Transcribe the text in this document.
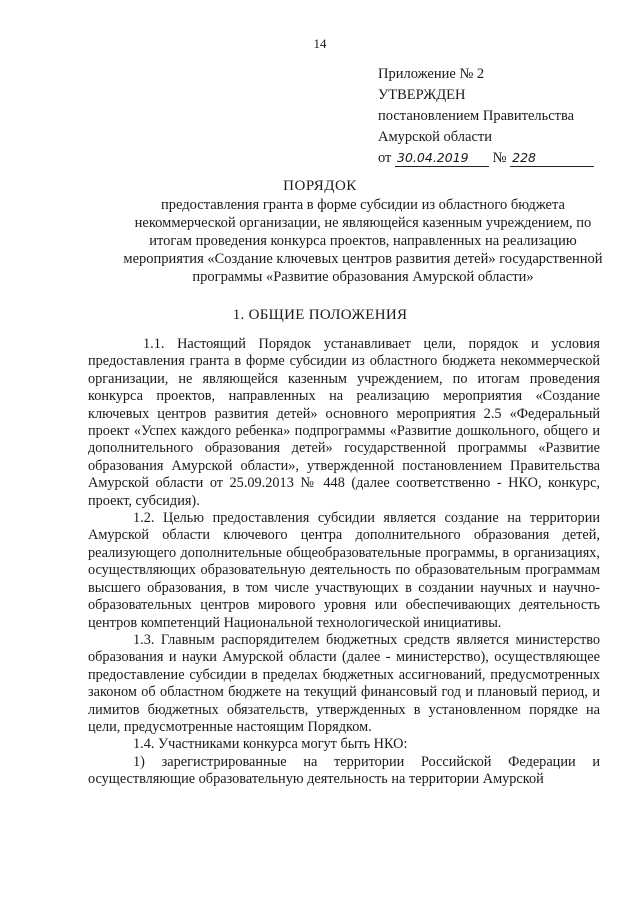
14
Приложение № 2
УТВЕРЖДЕН
постановлением Правительства
Амурской области
от 30.04.2019 № 228
ПОРЯДОК
предоставления гранта в форме субсидии из областного бюджета некоммерческой организации, не являющейся казенным учреждением, по итогам проведения конкурса проектов, направленных на реализацию мероприятия «Создание ключевых центров развития детей» государственной программы «Развитие образования Амурской области»
1. ОБЩИЕ ПОЛОЖЕНИЯ

1.1. Настоящий Порядок устанавливает цели, порядок и условия предоставления гранта в форме субсидии из областного бюджета некоммерческой организации, не являющейся казенным учреждением, по итогам проведения конкурса проектов, направленных на реализацию мероприятия «Создание ключевых центров развития детей» основного мероприятия 2.5 «Федеральный проект «Успех каждого ребенка» подпрограммы «Развитие дошкольного, общего и дополнительного образования детей» государственной программы «Развитие образования Амурской области», утвержденной постановлением Правительства Амурской области от 25.09.2013 № 448 (далее соответственно - НКО, конкурс, проект, субсидия).

1.2. Целью предоставления субсидии является создание на территории Амурской области ключевого центра дополнительного образования детей, реализующего дополнительные общеобразовательные программы, в организациях, осуществляющих образовательную деятельность по образовательным программам высшего образования, в том числе участвующих в создании научных и научно-образовательных центров мирового уровня или обеспечивающих деятельность центров компетенций Национальной технологической инициативы.

1.3. Главным распорядителем бюджетных средств является министерство образования и науки Амурской области (далее - министерство), осуществляющее предоставление субсидии в пределах бюджетных ассигнований, предусмотренных законом об областном бюджете на текущий финансовый год и плановый период, и лимитов бюджетных обязательств, утвержденных в установленном порядке на цели, предусмотренные настоящим Порядком.

1.4. Участниками конкурса могут быть НКО:

1) зарегистрированные на территории Российской Федерации и осуществляющие образовательную деятельность на территории Амурской
